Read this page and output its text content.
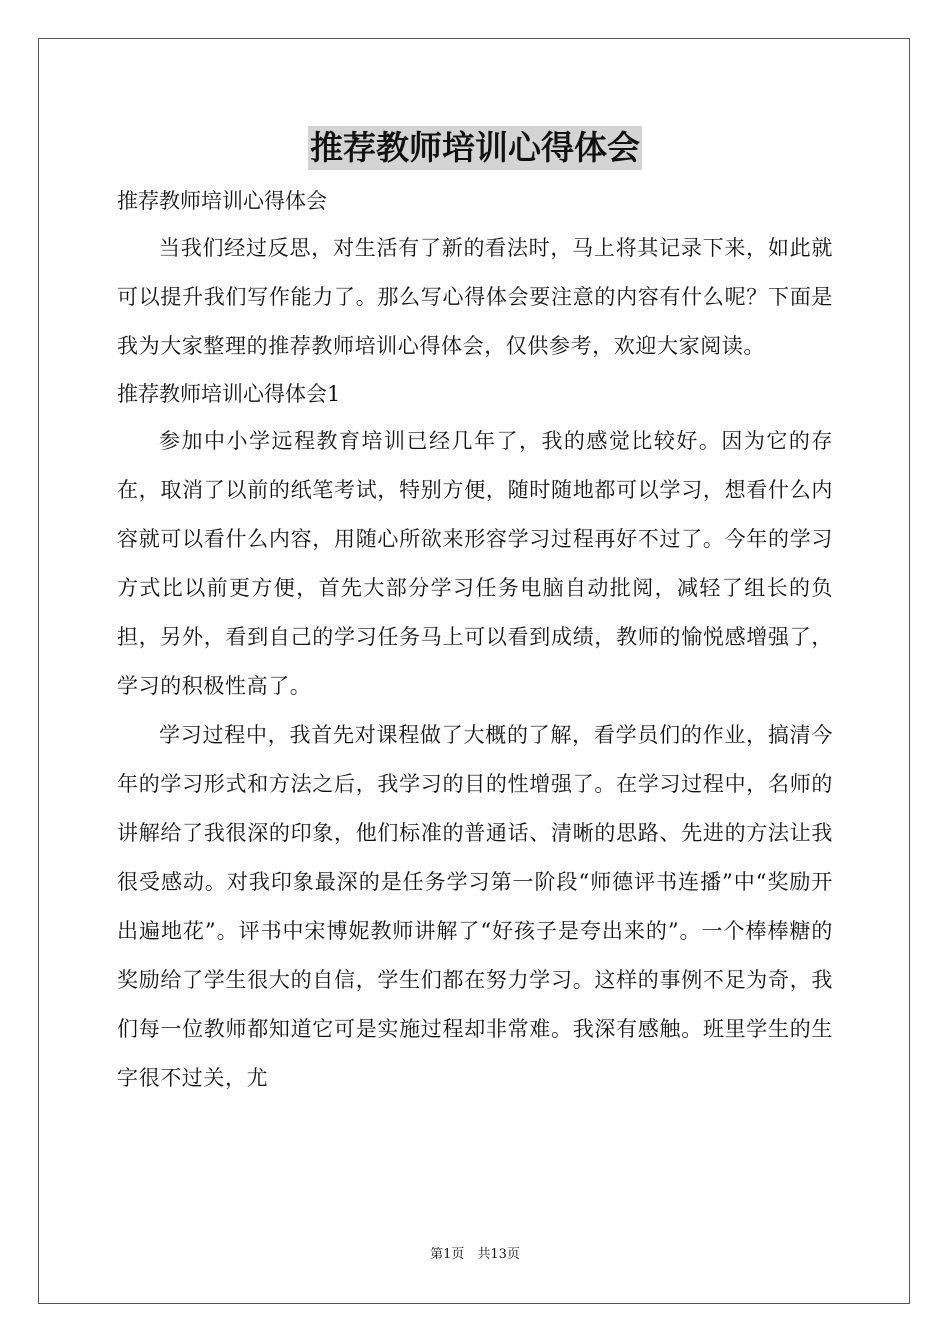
推荐教师培训心得体会

推荐教师培训心得体会

当我们经过反思，对生活有了新的看法时，马上将其记录下来，如此就可以提升我们写作能力了。那么写心得体会要注意的内容有什么呢？下面是我为大家整理的推荐教师培训心得体会，仅供参考，欢迎大家阅读。

推荐教师培训心得体会1

参加中小学远程教育培训已经几年了，我的感觉比较好。因为它的存在，取消了以前的纸笔考试，特别方便，随时随地都可以学习，想看什么内容就可以看什么内容，用随心所欲来形容学习过程再好不过了。今年的学习方式比以前更方便，首先大部分学习任务电脑自动批阅，减轻了组长的负担，另外，看到自己的学习任务马上可以看到成绩，教师的愉悦感增强了，学习的积极性高了。

学习过程中，我首先对课程做了大概的了解，看学员们的作业，搞清今年的学习形式和方法之后，我学习的目的性增强了。在学习过程中，名师的讲解给了我很深的印象，他们标准的普通话、清晰的思路、先进的方法让我很受感动。对我印象最深的是任务学习第一阶段“师德评书连播”中“奖励开出遍地花”。评书中宋博妮教师讲解了“好孩子是夸出来的”。一个棒棒糖的奖励给了学生很大的自信，学生们都在努力学习。这样的事例不足为奇，我们每一位教师都知道它可是实施过程却非常难。我深有感触。班里学生的生字很不过关，尤

第1页　共13页
